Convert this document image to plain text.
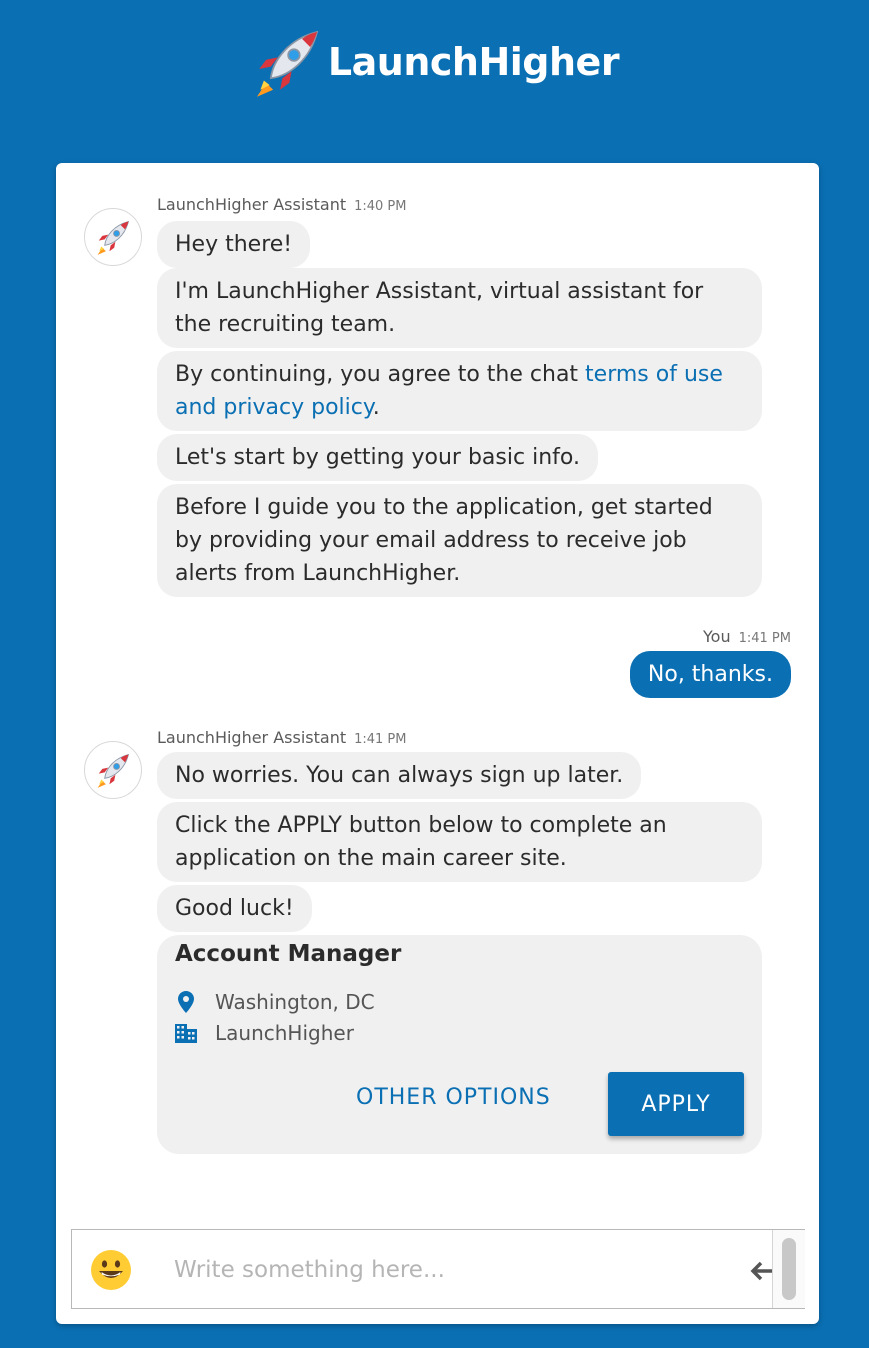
LaunchHigher
LaunchHigher Assistant 1:40 PM
Hey there!
I'm LaunchHigher Assistant, virtual assistant for the recruiting team.
By continuing, you agree to the chat terms of use and privacy policy.
Let's start by getting your basic info.
Before I guide you to the application, get started by providing your email address to receive job alerts from LaunchHigher.
You 1:41 PM
No, thanks.
LaunchHigher Assistant 1:41 PM
No worries. You can always sign up later.
Click the APPLY button below to complete an application on the main career site.
Good luck!
Account Manager
Washington, DC
LaunchHigher
OTHER OPTIONS	APPLY
Write something here...
